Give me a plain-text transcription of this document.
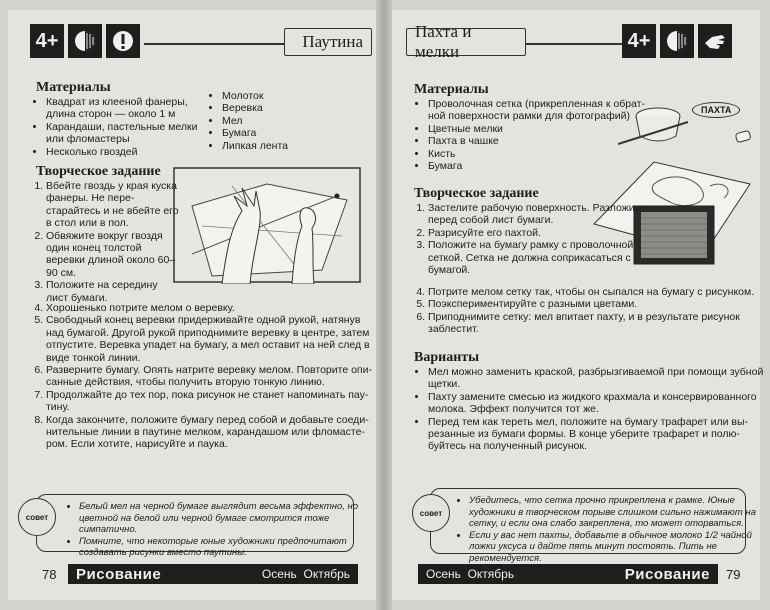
4+	Паутина
Материалы
• Квадрат из клееной фанеры, длина сторон — около 1 м
• Карандаши, пастельные мелки или фломастеры
• Несколько гвоздей
• Молоток
• Веревка
• Мел
• Бумага
• Липкая лента
Творческое задание
1. Вбейте гвоздь у края куска фанеры. Не перестарайтесь и не вбейте его в стол или в пол.
2. Обвяжите вокруг гвоздя один конец толстой веревки длиной около 60–90 см.
3. Положите на середину лист бумаги.
4. Хорошенько потрите мелом о веревку.
5. Свободный конец веревки придерживайте одной рукой, натянув над бумагой. Другой рукой приподнимите веревку в центре, затем отпустите. Веревка упадет на бумагу, а мел оставит на ней след в виде тонкой линии.
6. Разверните бумагу. Опять натрите веревку мелом. Повторите описанные действия, чтобы получить вторую тонкую линию.
7. Продолжайте до тех пор, пока рисунок не станет напоминать паутину.
8. Когда закончите, положите бумагу перед собой и добавьте соединительные линии в паутине мелком, карандашом или фломастером. Если хотите, нарисуйте и паука.
• Белый мел на черной бумаге выглядит весьма эффектно, но цветной на белой или черной бумаге смотрится тоже симпатично.
• Помните, что некоторые юные художники предпочитают создавать рисунки вместо паутины.
совет
78 Рисование	Осень Октябрь
Пахта и мелки	4+
Материалы
• Проволочная сетка (прикрепленная к обратной поверхности рамки для фотографий)
• Цветные мелки
• Пахта в чашке
• Кисть
• Бумага
ПАХТА
Творческое задание
1. Застелите рабочую поверхность. Разложите перед собой лист бумаги.
2. Разрисуйте его пахтой.
3. Положите на бумагу рамку с проволочной сеткой. Сетка не должна соприкасаться с бумагой.
4. Потрите мелом сетку так, чтобы он сыпался на бумагу с рисунком.
5. Поэкспериментируйте с разными цветами.
6. Приподнимите сетку: мел впитает пахту, и в результате рисунок заблестит.
Варианты
• Мел можно заменить краской, разбрызгиваемой при помощи зубной щетки.
• Пахту замените смесью из жидкого крахмала и консервированного молока. Эффект получится тот же.
• Перед тем как тереть мел, положите на бумагу трафарет или вырезанные из бумаги формы. В конце уберите трафарет и полюбуйтесь на полученный рисунок.
• Убедитесь, что сетка прочно прикреплена к рамке. Юные художники в творческом порыве слишком сильно нажимают на сетку, и если она слабо закреплена, то может оторваться.
• Если у вас нет пахты, добавьте в обычное молоко 1/2 чайной ложки уксуса и дайте пять минут постоять. Пить не рекомендуется.
совет
Осень Октябрь	Рисование 79
